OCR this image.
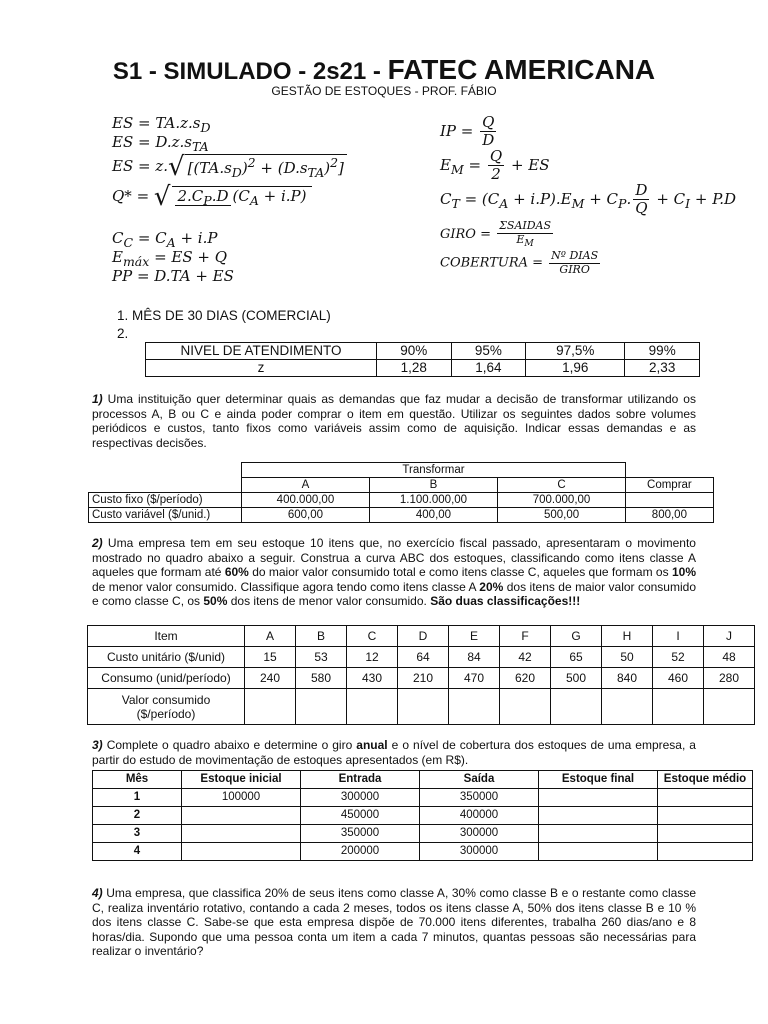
S1 - SIMULADO - 2s21 - FATEC AMERICANA
GESTÃO DE ESTOQUES - PROF. FÁBIO
ES = $TA.z.s_D$
ES = $D.z.s_{TA}$
ES = z.√ $[(TA.s_D)^2 + (D.s_{TA})^2]$
Q* = √ $2.C_P.D$ $(C_A + i.P)$
$C_C = C_A + i.P$
$E_{máx}$ = ES + Q
PP = D.TA + ES
IP = $\frac{Q}{D}$
$E_M = \frac{Q}{2}$ + ES
$C_T = (C_A + i.P).E_M + C_P$. $\frac{D}{Q} + C_I + P.D$
GIRO = $\frac{\text{ΣSAIDAS}}{E_M}$
COBERTURA = $\frac{\text{Nº DIAS}}{\text{GIRO}}$
1. MÊS DE 30 DIAS (COMERCIAL)
2.
NIVEL DE ATENDIMENTO	90%	95%	97,5%	99%
z	1,28	1,64	1,96	2,33

1) Uma instituição quer determinar quais as demandas que faz mudar a decisão de transformar utilizando os processos A, B ou C e ainda poder comprar o item em questão. Utilizar os seguintes dados sobre volumes periódicos e custos, tanto fixos como variáveis assim como de aquisição. Indicar essas demandas e as respectivas decisões.

	Transformar			
	A	B	C	Comprar
Custo fixo ($/período)	400.000,00	1.100.000,00	700.000,00	
Custo variável ($/unid.)	600,00	400,00	500,00	800,00

2) Uma empresa tem em seu estoque 10 itens que, no exercício fiscal passado, apresentaram o movimento mostrado no quadro abaixo a seguir. Construa a curva ABC dos estoques, classificando como itens classe A aqueles que formam até 60% do maior valor consumido total e como itens classe C, aqueles que formam os 10% de menor valor consumido. Classifique agora tendo como itens classe A 20% dos itens de maior valor consumido e como classe C, os 50% dos itens de menor valor consumido. São duas classificações!!!

Item	A	B	C	D	E	F	G	H	I	J
Custo unitário ($/unid)	15	53	12	64	84	42	65	50	52	48
Consumo (unid/período)	240	580	430	210	470	620	500	840	460	280
Valor consumido
($/período)										

3) Complete o quadro abaixo e determine o giro anual e o nível de cobertura dos estoques de uma empresa, a partir do estudo de movimentação de estoques apresentados (em R$).

Mês	Estoque inicial	Entrada	Saída	Estoque final	Estoque médio
1	100000	300000	350000		
2		450000	400000		
3		350000	300000		
4		200000	300000		

4) Uma empresa, que classifica 20% de seus itens como classe A, 30% como classe B e o restante como classe C, realiza inventário rotativo, contando a cada 2 meses, todos os itens classe A, 50% dos itens classe B e 10 % dos itens classe C. Sabe-se que esta empresa dispõe de 70.000 itens diferentes, trabalha 260 dias/ano e 8 horas/dia. Supondo que uma pessoa conta um item a cada 7 minutos, quantas pessoas são necessárias para realizar o inventário?
